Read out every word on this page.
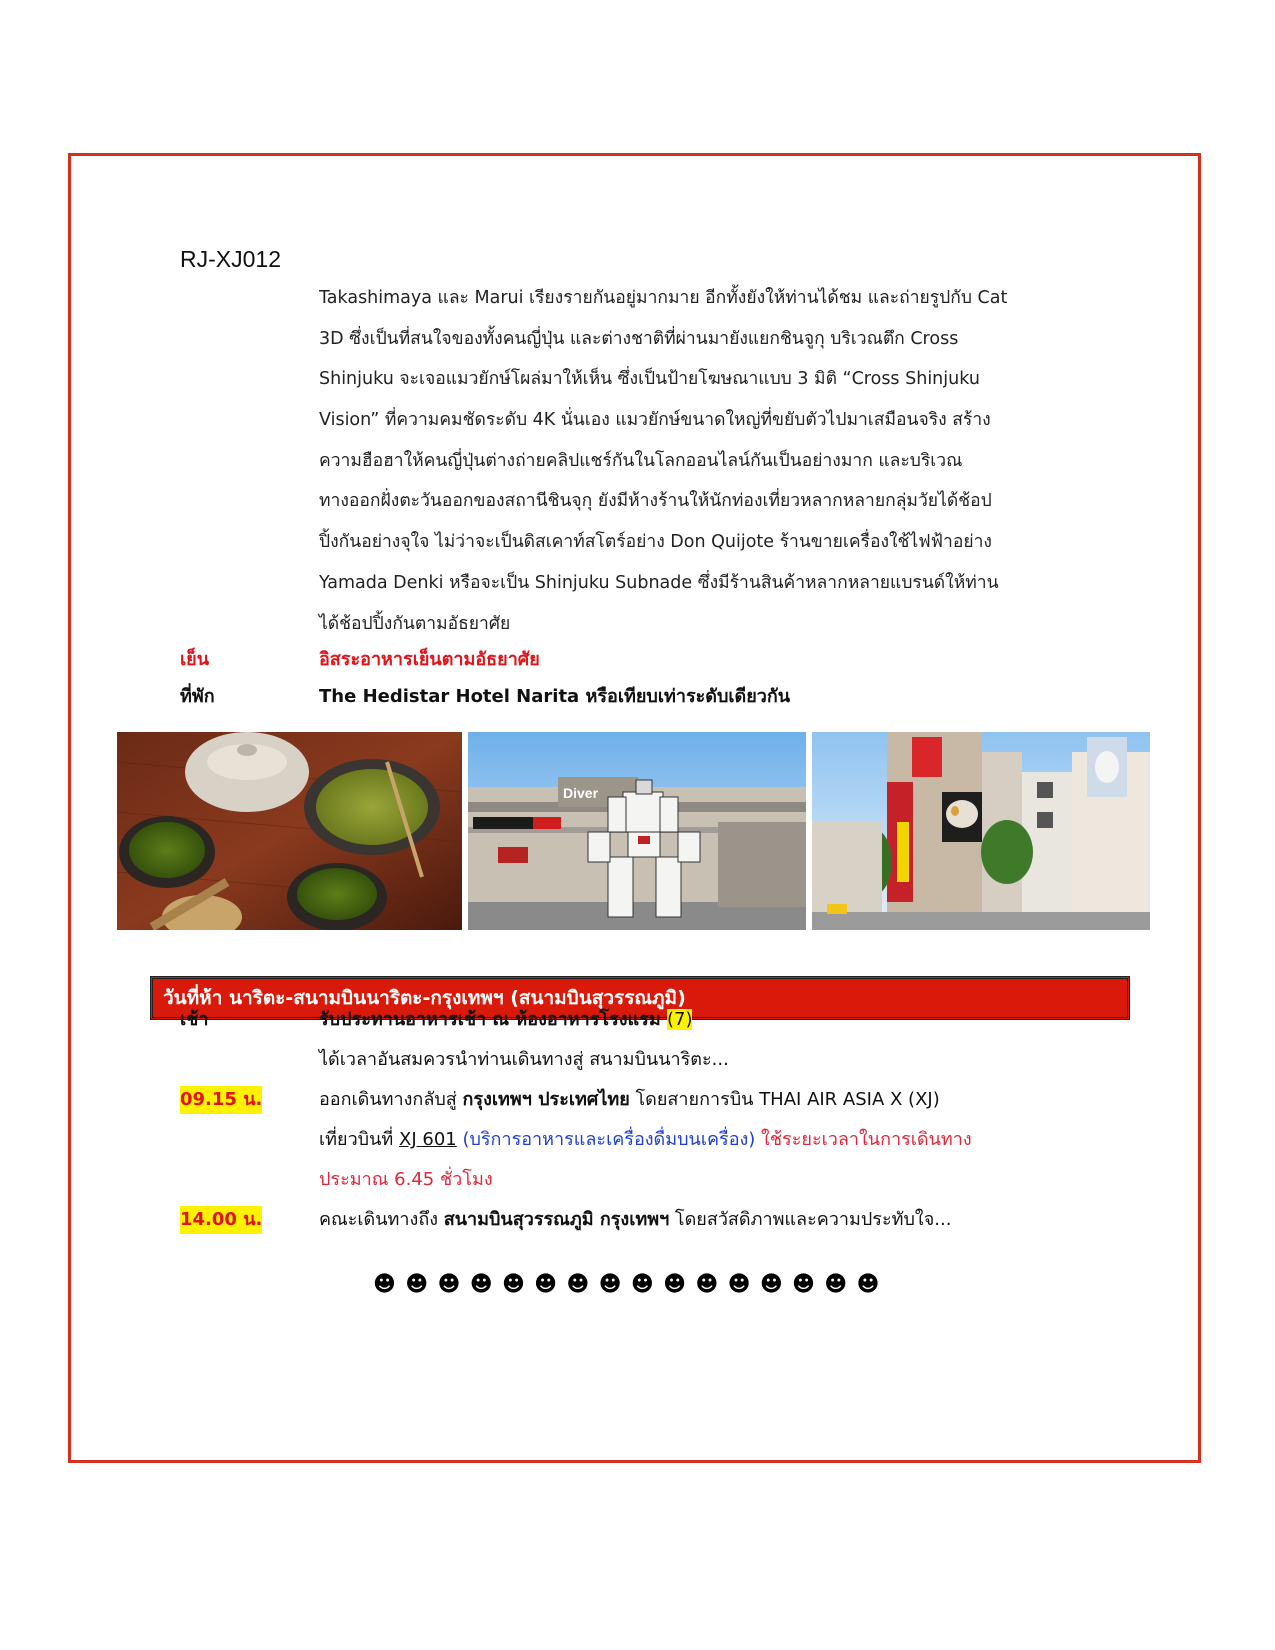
RJ-XJ012
Takashimaya และ Marui เรียงรายกันอยู่มากมาย อีกทั้งยังให้ท่านได้ชม และถ่ายรูปกับ Cat
3D ซึ่งเป็นที่สนใจของทั้งคนญี่ปุ่น และต่างชาติที่ผ่านมายังแยกชินจูกุ บริเวณตึก Cross
Shinjuku จะเจอแมวยักษ์โผล่มาให้เห็น ซึ่งเป็นป้ายโฆษณาแบบ 3 มิติ “Cross Shinjuku
Vision” ที่ความคมชัดระดับ 4K นั่นเอง แมวยักษ์ขนาดใหญ่ที่ขยับตัวไปมาเสมือนจริง สร้าง
ความฮือฮาให้คนญี่ปุ่นต่างถ่ายคลิปแชร์กันในโลกออนไลน์กันเป็นอย่างมาก และบริเวณ
ทางออกฝั่งตะวันออกของสถานีชินจุกุ ยังมีห้างร้านให้นักท่องเที่ยวหลากหลายกลุ่มวัยได้ช้อป
ปิ้งกันอย่างจุใจ ไม่ว่าจะเป็นดิสเคาท์สโตร์อย่าง Don Quijote ร้านขายเครื่องใช้ไฟฟ้าอย่าง
Yamada Denki หรือจะเป็น Shinjuku Subnade ซึ่งมีร้านสินค้าหลากหลายแบรนด์ให้ท่าน
ได้ช้อปปิ้งกันตามอัธยาศัย
เย็น	อิสระอาหารเย็นตามอัธยาศัย
ที่พัก	The Hedistar Hotel Narita หรือเทียบเท่าระดับเดียวกัน
Diver
วันที่ห้า นาริตะ-สนามบินนาริตะ-กรุงเทพฯ (สนามบินสุวรรณภูมิ)
เช้า	รับประทานอาหารเช้า ณ ห้องอาหารโรงแรม (7)
ได้เวลาอันสมควรนำท่านเดินทางสู่ สนามบินนาริตะ...
09.15 น.	ออกเดินทางกลับสู่ กรุงเทพฯ ประเทศไทย โดยสายการบิน THAI AIR ASIA X (XJ)
เที่ยวบินที่ XJ 601 (บริการอาหารและเครื่องดื่มบนเครื่อง) ใช้ระยะเวลาในการเดินทาง
ประมาณ 6.45 ชั่วโมง
14.00 น.	คณะเดินทางถึง สนามบินสุวรรณภูมิ กรุงเทพฯ โดยสวัสดิภาพและความประทับใจ...
☻☻☻☻☻☻☻☻☻☻☻☻☻☻☻☻
